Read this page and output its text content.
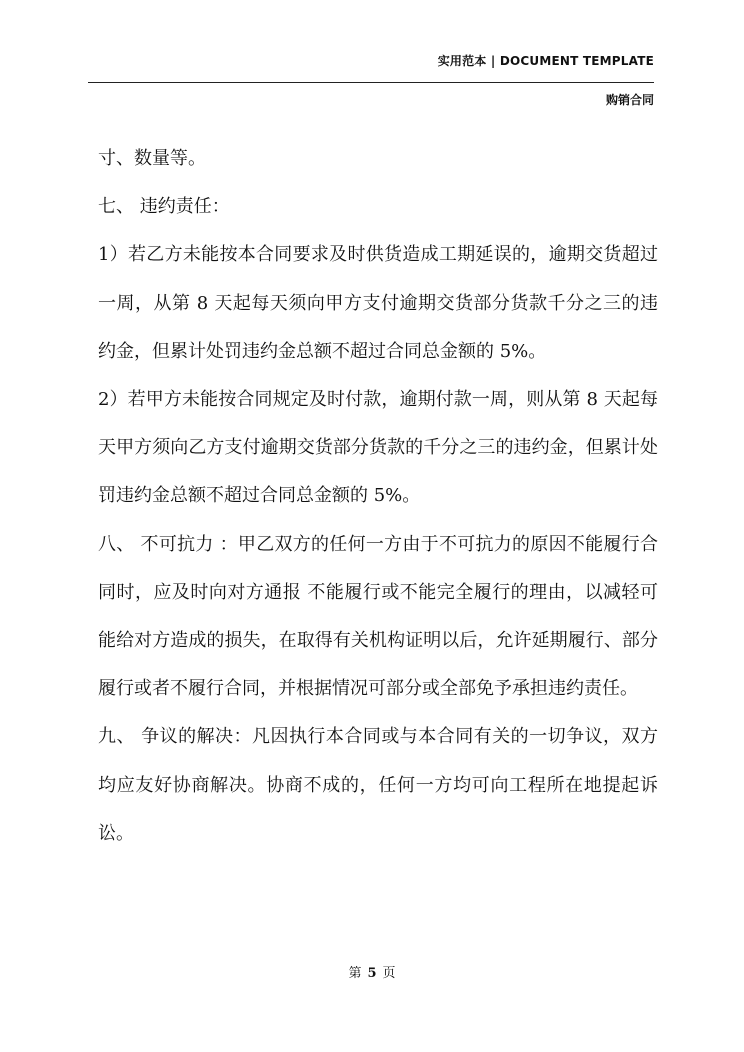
实用范本 | DOCUMENT TEMPLATE
购销合同

寸、数量等。

七、 违约责任：

1）若乙方未能按本合同要求及时供货造成工期延误的，逾期交货超过一周，从第 8 天起每天须向甲方支付逾期交货部分货款千分之三的违约金，但累计处罚违约金总额不超过合同总金额的 5%。

2）若甲方未能按合同规定及时付款，逾期付款一周，则从第 8 天起每天甲方须向乙方支付逾期交货部分货款的千分之三的违约金，但累计处罚违约金总额不超过合同总金额的 5%。

八、 不可抗力 ：甲乙双方的任何一方由于不可抗力的原因不能履行合同时，应及时向对方通报 不能履行或不能完全履行的理由，以减轻可能给对方造成的损失，在取得有关机构证明以后，允许延期履行、部分履行或者不履行合同，并根据情况可部分或全部免予承担违约责任。

九、 争议的解决：凡因执行本合同或与本合同有关的一切争议，双方均应友好协商解决。协商不成的，任何一方均可向工程所在地提起诉讼。

第 5 页
